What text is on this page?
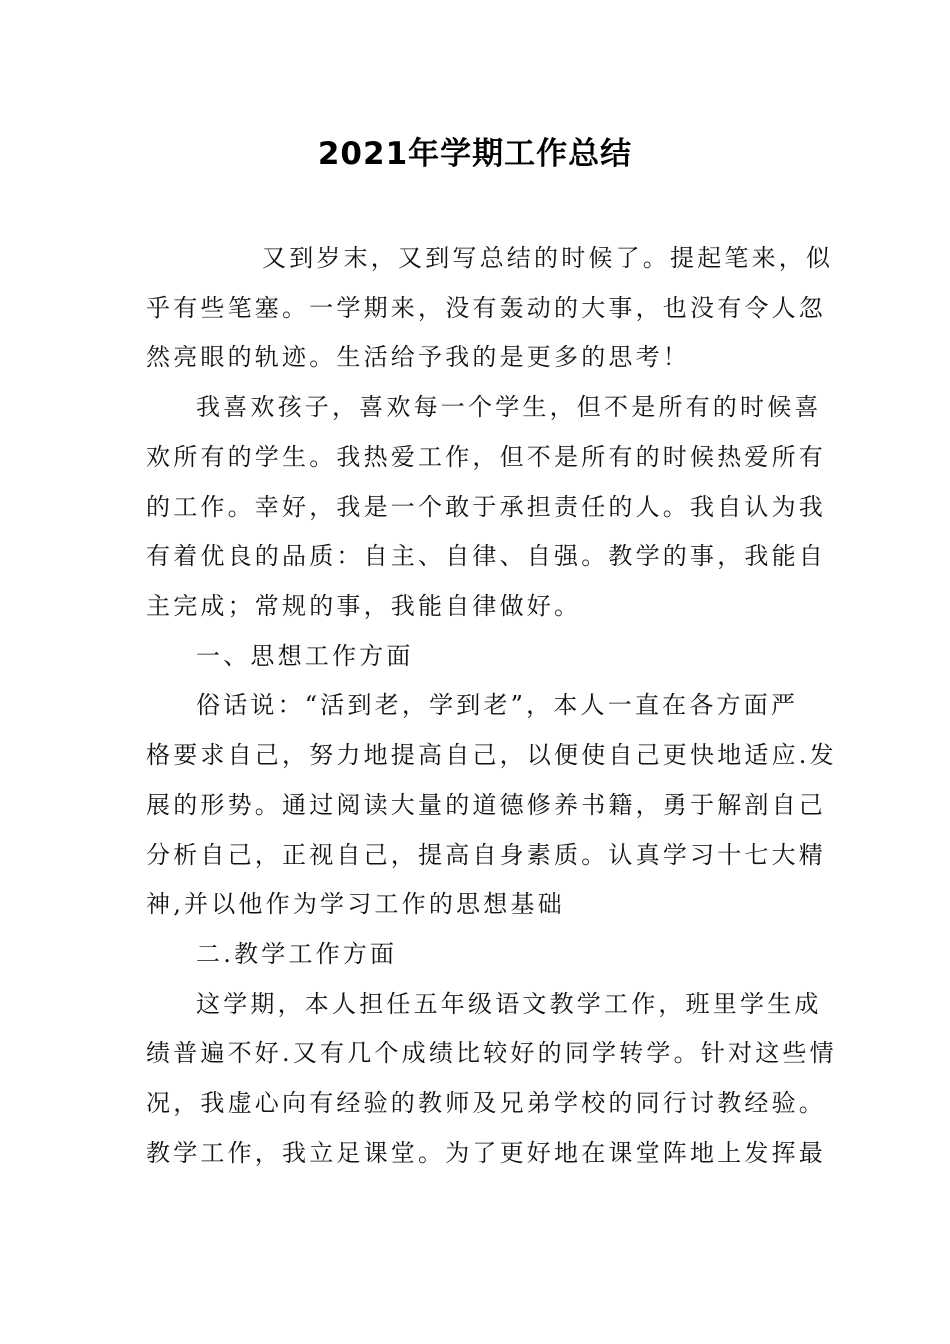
2021年学期工作总结
又到岁末，又到写总结的时候了。提起笔来，似
乎有些笔塞。一学期来，没有轰动的大事，也没有令人忽
然亮眼的轨迹。生活给予我的是更多的思考！
我喜欢孩子，喜欢每一个学生，但不是所有的时候喜
欢所有的学生。我热爱工作，但不是所有的时候热爱所有
的工作。幸好，我是一个敢于承担责任的人。我自认为我
有着优良的品质：自主、自律、自强。教学的事，我能自
主完成；常规的事，我能自律做好。
一、思想工作方面
俗话说：“活到老，学到老”，本人一直在各方面严
格要求自己，努力地提高自己，以便使自己更快地适应.发
展的形势。通过阅读大量的道德修养书籍，勇于解剖自己
分析自己，正视自己，提高自身素质。认真学习十七大精
神,并以他作为学习工作的思想基础
二.教学工作方面
这学期，本人担任五年级语文教学工作，班里学生成
绩普遍不好.又有几个成绩比较好的同学转学。针对这些情
况，我虚心向有经验的教师及兄弟学校的同行讨教经验。
教学工作，我立足课堂。为了更好地在课堂阵地上发挥最
